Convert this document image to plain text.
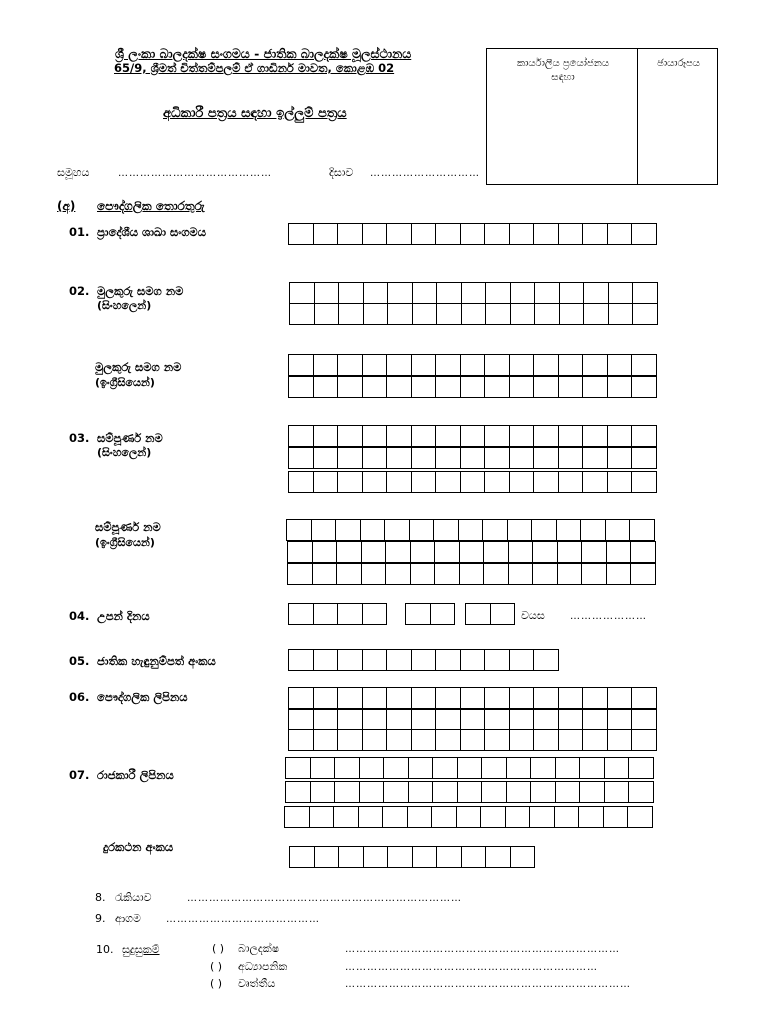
ශ්‍රී ලංකා බාලදක්ෂ සංගමය - ජාතික බාලදක්ෂ මූලස්ථානය
65/9, ශ්‍රීමත් චිත්තම්පලම් ඒ ගාඩිනර් මාවත, කොළඹ 02
අධිකාරී පත්‍රය සඳහා ඉල්ලුම් පත්‍රය
කාර්යාලීය ප්‍රයෝජනය
සඳහා
ඡායාරූපය
සමූහය	……………………………………	දිසාව …………………………
(අ) පෞද්ගලික තොරතුරු
01. ප්‍රාදේශීය ශාඛා සංගමය
02. මුලකුරු සමග නම
(සිංහලෙන්)
මුලකුරු සමග නම
(ඉංග්‍රීසියෙන්)
03. සම්පූර්ණ නම
(සිංහලෙන්)
සම්පූර්ණ නම
(ඉංග්‍රීසියෙන්)
04. උපන් දිනය	වයස	…………………
05. ජාතික හැඳුනුම්පත් අංකය
06. පෞද්ගලික ලිපිනය
07. රාජකාරී ලිපිනය
දුරකථන අංකය
8. රැකියාව	…………………………………………………………………
9. ආගම	……………………………………
10. සුදුසුකම්	( ) බාලදක්ෂ	…………………………………………………………………
( ) අධ්‍යාපනික	……………………………………………………………
( ) වෘත්තීය	……………………………………………………………………
